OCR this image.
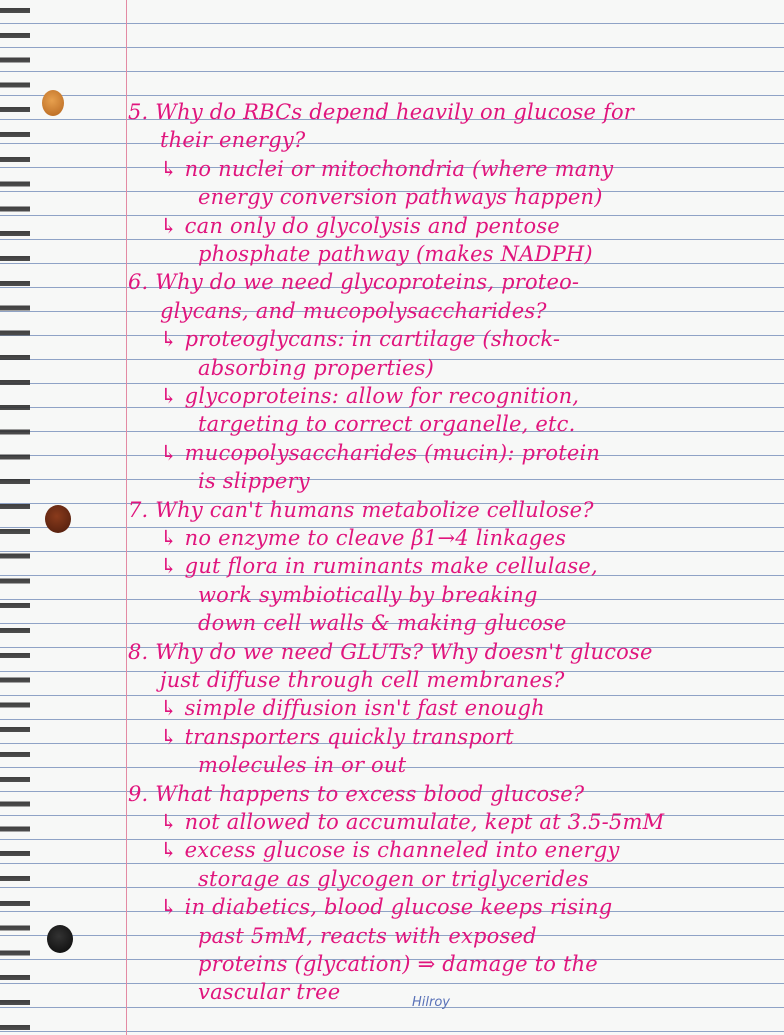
5. Why do RBCs depend heavily on glucose for

their energy?

↳ no nuclei or mitochondria (where many

energy conversion pathways happen)

↳ can only do glycolysis and pentose

phosphate pathway (makes NADPH)

6. Why do we need glycoproteins, proteo-

glycans, and mucopolysaccharides?

↳ proteoglycans: in cartilage (shock-

absorbing properties)

↳ glycoproteins: allow for recognition,

targeting to correct organelle, etc.

↳ mucopolysaccharides (mucin): protein

is slippery

7. Why can't humans metabolize cellulose?

↳ no enzyme to cleave β1→4 linkages

↳ gut flora in ruminants make cellulase,

work symbiotically by breaking

down cell walls & making glucose

8. Why do we need GLUTs? Why doesn't glucose

just diffuse through cell membranes?

↳ simple diffusion isn't fast enough

↳ transporters quickly transport

molecules in or out

9. What happens to excess blood glucose?

↳ not allowed to accumulate, kept at 3.5-5mM

↳ excess glucose is channeled into energy

storage as glycogen or triglycerides

↳ in diabetics, blood glucose keeps rising

past 5mM, reacts with exposed

proteins (glycation) ⇒ damage to the

vascular tree	Hilroy
